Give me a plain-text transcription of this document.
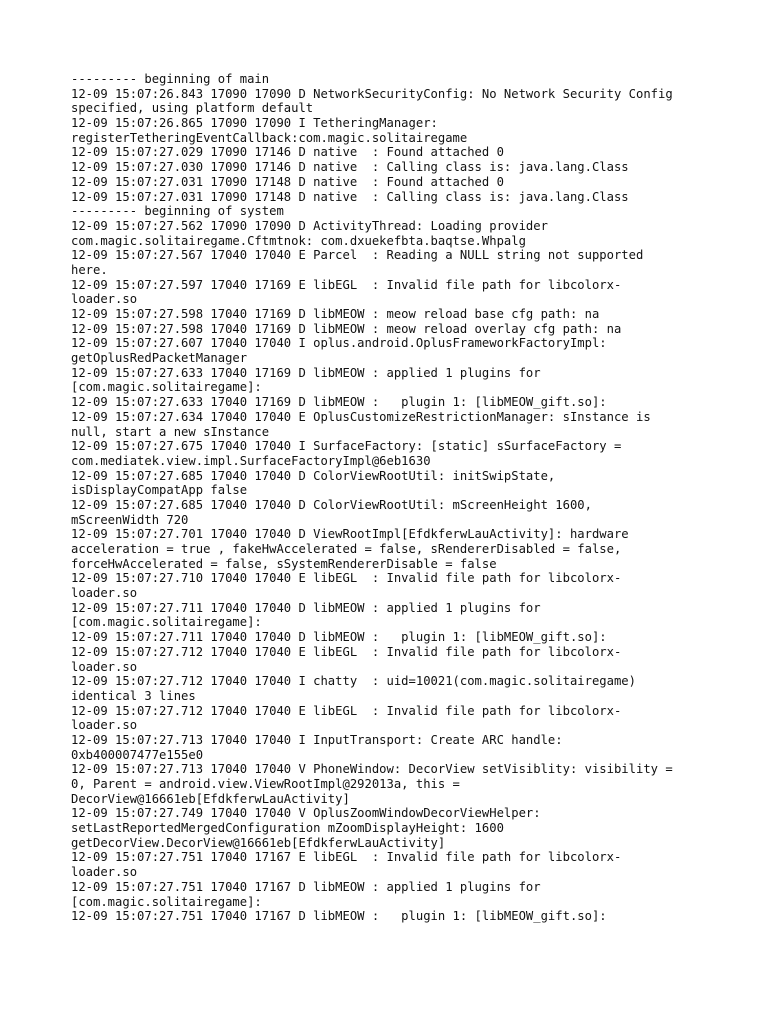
--------- beginning of main
12-09 15:07:26.843 17090 17090 D NetworkSecurityConfig: No Network Security Config
specified, using platform default
12-09 15:07:26.865 17090 17090 I TetheringManager:
registerTetheringEventCallback:com.magic.solitairegame
12-09 15:07:27.029 17090 17146 D native  : Found attached 0
12-09 15:07:27.030 17090 17146 D native  : Calling class is: java.lang.Class
12-09 15:07:27.031 17090 17148 D native  : Found attached 0
12-09 15:07:27.031 17090 17148 D native  : Calling class is: java.lang.Class
--------- beginning of system
12-09 15:07:27.562 17090 17090 D ActivityThread: Loading provider
com.magic.solitairegame.Cftmtnok: com.dxuekefbta.baqtse.Whpalg
12-09 15:07:27.567 17040 17040 E Parcel  : Reading a NULL string not supported
here.
12-09 15:07:27.597 17040 17169 E libEGL  : Invalid file path for libcolorx-
loader.so
12-09 15:07:27.598 17040 17169 D libMEOW : meow reload base cfg path: na
12-09 15:07:27.598 17040 17169 D libMEOW : meow reload overlay cfg path: na
12-09 15:07:27.607 17040 17040 I oplus.android.OplusFrameworkFactoryImpl:
getOplusRedPacketManager
12-09 15:07:27.633 17040 17169 D libMEOW : applied 1 plugins for
[com.magic.solitairegame]:
12-09 15:07:27.633 17040 17169 D libMEOW :   plugin 1: [libMEOW_gift.so]:
12-09 15:07:27.634 17040 17040 E OplusCustomizeRestrictionManager: sInstance is
null, start a new sInstance
12-09 15:07:27.675 17040 17040 I SurfaceFactory: [static] sSurfaceFactory =
com.mediatek.view.impl.SurfaceFactoryImpl@6eb1630
12-09 15:07:27.685 17040 17040 D ColorViewRootUtil: initSwipState,
isDisplayCompatApp false
12-09 15:07:27.685 17040 17040 D ColorViewRootUtil: mScreenHeight 1600,
mScreenWidth 720
12-09 15:07:27.701 17040 17040 D ViewRootImpl[EfdkferwLauActivity]: hardware
acceleration = true , fakeHwAccelerated = false, sRendererDisabled = false,
forceHwAccelerated = false, sSystemRendererDisable = false
12-09 15:07:27.710 17040 17040 E libEGL  : Invalid file path for libcolorx-
loader.so
12-09 15:07:27.711 17040 17040 D libMEOW : applied 1 plugins for
[com.magic.solitairegame]:
12-09 15:07:27.711 17040 17040 D libMEOW :   plugin 1: [libMEOW_gift.so]:
12-09 15:07:27.712 17040 17040 E libEGL  : Invalid file path for libcolorx-
loader.so
12-09 15:07:27.712 17040 17040 I chatty  : uid=10021(com.magic.solitairegame)
identical 3 lines
12-09 15:07:27.712 17040 17040 E libEGL  : Invalid file path for libcolorx-
loader.so
12-09 15:07:27.713 17040 17040 I InputTransport: Create ARC handle:
0xb400007477e155e0
12-09 15:07:27.713 17040 17040 V PhoneWindow: DecorView setVisiblity: visibility =
0, Parent = android.view.ViewRootImpl@292013a, this =
DecorView@16661eb[EfdkferwLauActivity]
12-09 15:07:27.749 17040 17040 V OplusZoomWindowDecorViewHelper:
setLastReportedMergedConfiguration mZoomDisplayHeight: 1600
getDecorView.DecorView@16661eb[EfdkferwLauActivity]
12-09 15:07:27.751 17040 17167 E libEGL  : Invalid file path for libcolorx-
loader.so
12-09 15:07:27.751 17040 17167 D libMEOW : applied 1 plugins for
[com.magic.solitairegame]:
12-09 15:07:27.751 17040 17167 D libMEOW :   plugin 1: [libMEOW_gift.so]:
